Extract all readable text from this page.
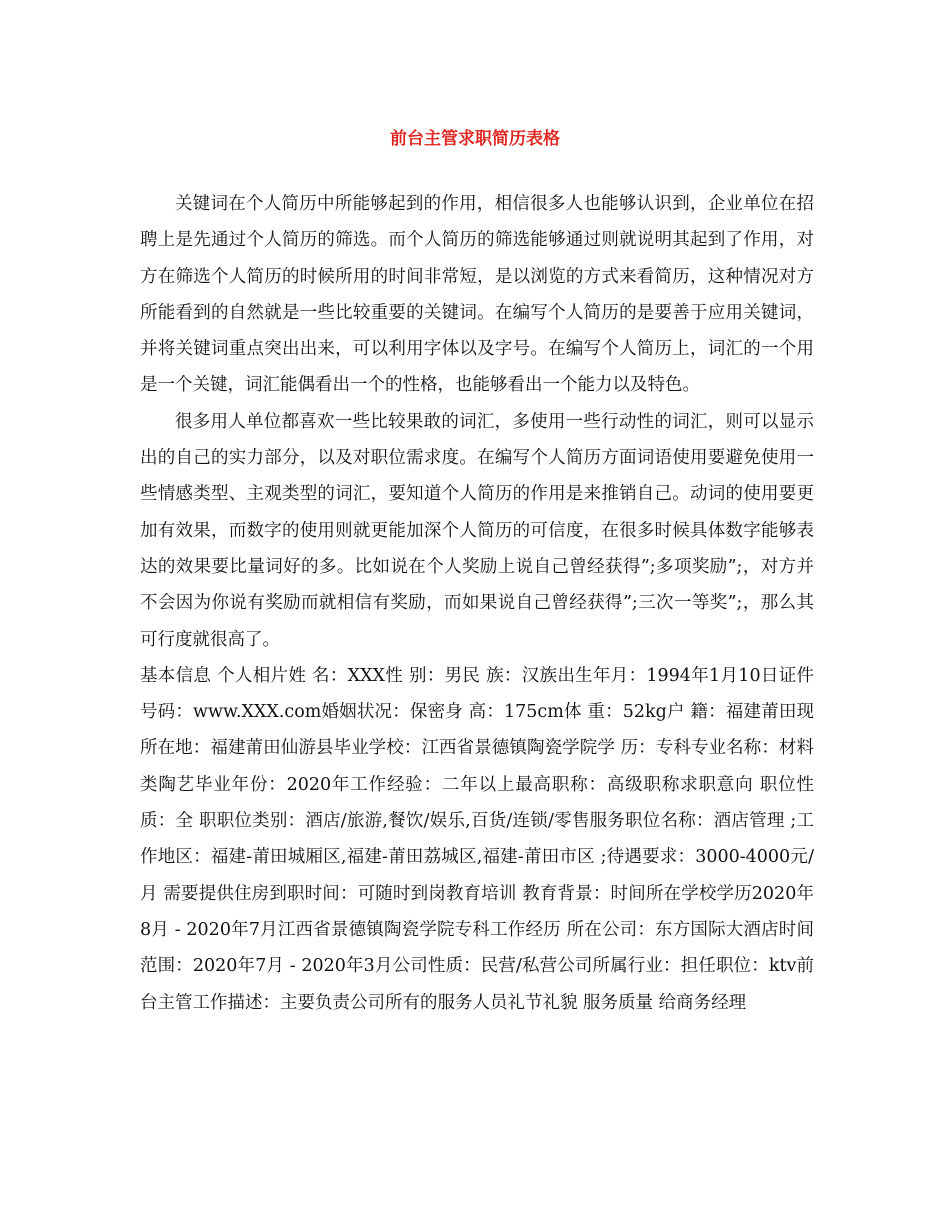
前台主管求职简历表格

关键词在个人简历中所能够起到的作用，相信很多人也能够认识到，企业单位在招聘上是先通过个人简历的筛选。而个人简历的筛选能够通过则就说明其起到了作用，对方在筛选个人简历的时候所用的时间非常短，是以浏览的方式来看简历，这种情况对方所能看到的自然就是一些比较重要的关键词。在编写个人简历的是要善于应用关键词，并将关键词重点突出出来，可以利用字体以及字号。在编写个人简历上，词汇的一个用是一个关键，词汇能偶看出一个的性格，也能够看出一个能力以及特色。

很多用人单位都喜欢一些比较果敢的词汇，多使用一些行动性的词汇，则可以显示出的自己的实力部分，以及对职位需求度。在编写个人简历方面词语使用要避免使用一些情感类型、主观类型的词汇，要知道个人简历的作用是来推销自己。动词的使用要更加有效果，而数字的使用则就更能加深个人简历的可信度，在很多时候具体数字能够表达的效果要比量词好的多。比如说在个人奖励上说自己曾经获得”;多项奖励”;，对方并不会因为你说有奖励而就相信有奖励，而如果说自己曾经获得”;三次一等奖”;，那么其可行度就很高了。

基本信息 个人相片姓 名：XXX性 别：男民 族：汉族出生年月：1994年1月10日证件号码：www.XXX.com婚姻状况：保密身 高：175cm体 重：52kg户 籍：福建莆田现所在地：福建莆田仙游县毕业学校：江西省景德镇陶瓷学院学 历：专科专业名称：材料类陶艺毕业年份：2020年工作经验：二年以上最高职称：高级职称求职意向 职位性质：全 职职位类别：酒店/旅游,餐饮/娱乐,百货/连锁/零售服务职位名称：酒店管理 ;工作地区：福建-莆田城厢区,福建-莆田荔城区,福建-莆田市区 ;待遇要求：3000-4000元/月 需要提供住房到职时间：可随时到岗教育培训 教育背景：时间所在学校学历2020年8月 - 2020年7月江西省景德镇陶瓷学院专科工作经历 所在公司：东方国际大酒店时间范围：2020年7月 - 2020年3月公司性质：民营/私营公司所属行业：担任职位：ktv前台主管工作描述：主要负责公司所有的服务人员礼节礼貌 服务质量 给商务经理
